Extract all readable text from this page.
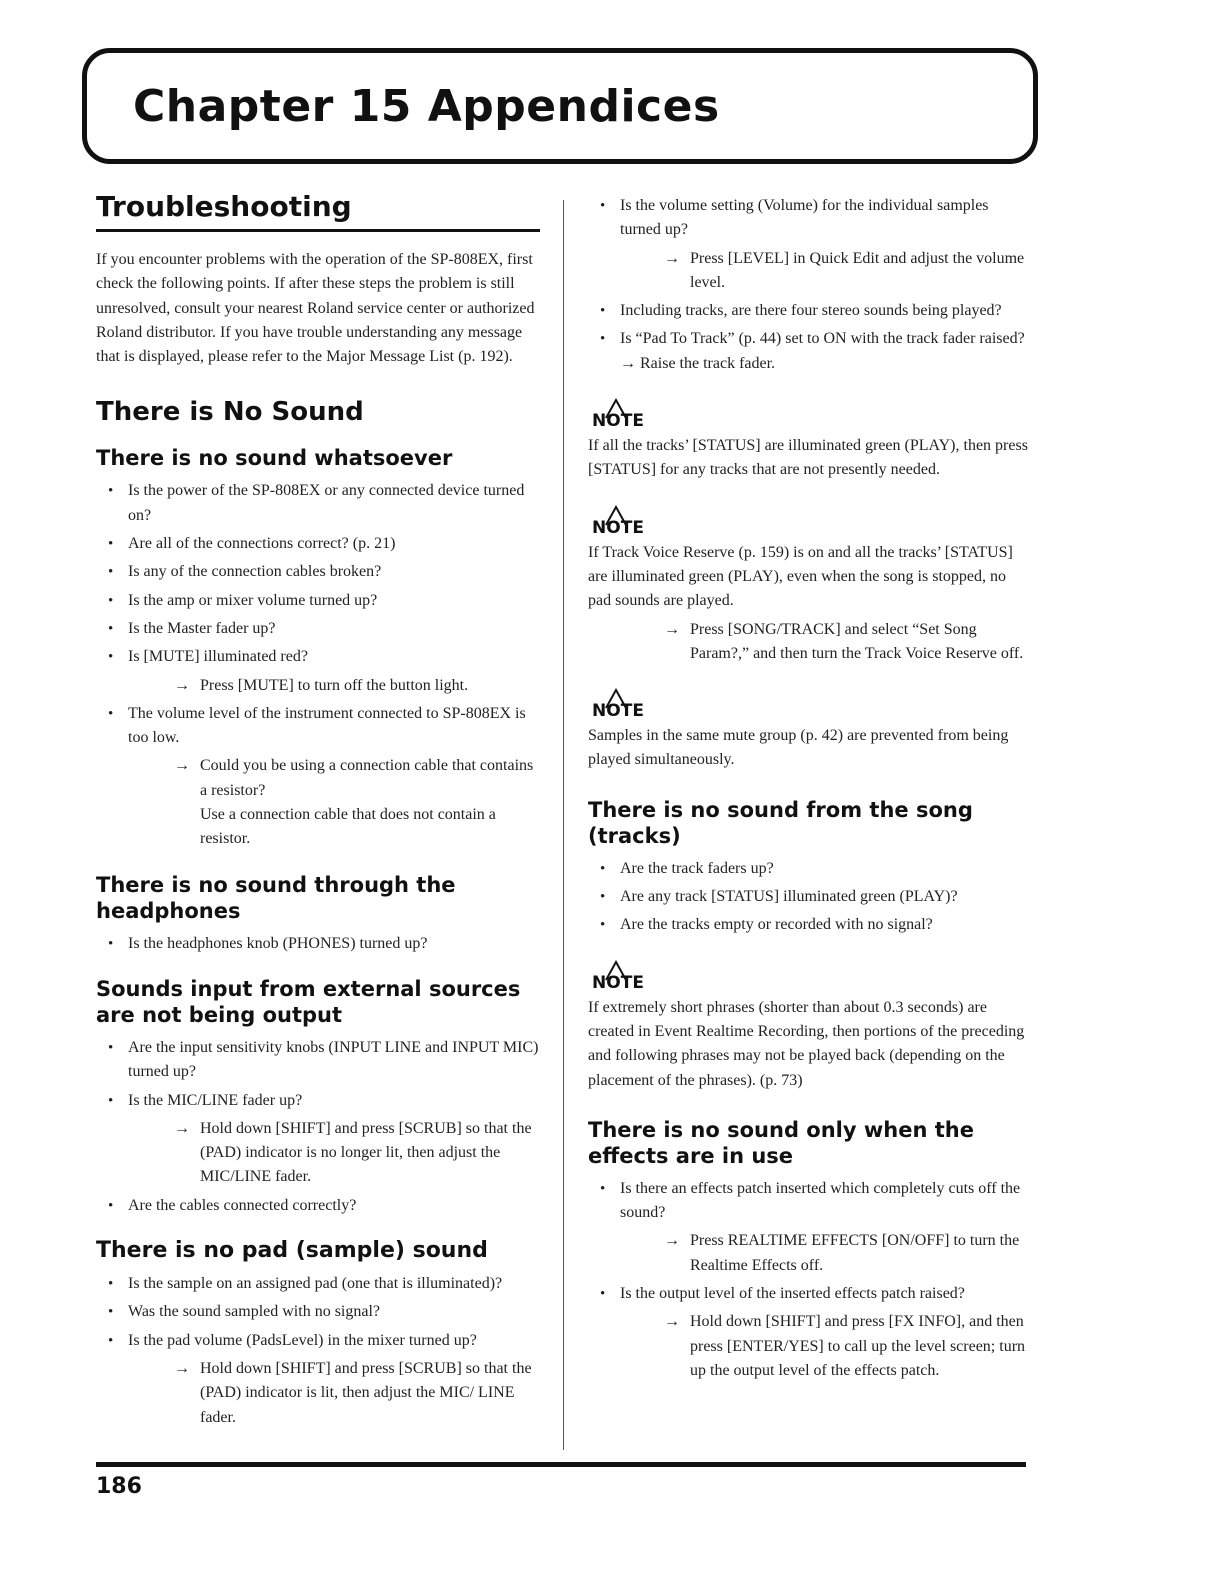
Chapter 15 Appendices
Troubleshooting

If you encounter problems with the operation of the SP-808EX, first check the following points. If after these steps the problem is still unresolved, consult your nearest Roland service center or authorized Roland distributor. If you have trouble understanding any message that is displayed, please refer to the Major Message List (p. 192).

There is No Sound
There is no sound whatsoever
• Is the power of the SP-808EX or any connected device turned on?
• Are all of the connections correct? (p. 21)
• Is any of the connection cables broken?
• Is the amp or mixer volume turned up?
• Is the Master fader up?
• Is [MUTE] illuminated red?
→ Press [MUTE] to turn off the button light.
• The volume level of the instrument connected to SP-808EX is too low.
→ Could you be using a connection cable that contains a resistor?
Use a connection cable that does not contain a resistor.
There is no sound through the headphones
• Is the headphones knob (PHONES) turned up?
Sounds input from external sources are not being output
• Are the input sensitivity knobs (INPUT LINE and INPUT MIC) turned up?
• Is the MIC/LINE fader up?
→ Hold down [SHIFT] and press [SCRUB] so that the (PAD) indicator is no longer lit, then adjust the MIC/LINE fader.
• Are the cables connected correctly?
There is no pad (sample) sound
• Is the sample on an assigned pad (one that is illuminated)?
• Was the sound sampled with no signal?
• Is the pad volume (PadsLevel) in the mixer turned up?
→ Hold down [SHIFT] and press [SCRUB] so that the (PAD) indicator is lit, then adjust the MIC/ LINE fader.
• Is the volume setting (Volume) for the individual samples turned up?
→ Press [LEVEL] in Quick Edit and adjust the volume level.
• Including tracks, are there four stereo sounds being played?
• Is “Pad To Track” (p. 44) set to ON with the track fader raised? → Raise the track fader.
NOTE

If all the tracks’ [STATUS] are illuminated green (PLAY), then press [STATUS] for any tracks that are not presently needed.

NOTE

If Track Voice Reserve (p. 159) is on and all the tracks’ [STATUS] are illuminated green (PLAY), even when the song is stopped, no pad sounds are played.

→ Press [SONG/TRACK] and select “Set Song Param?,” and then turn the Track Voice Reserve off.
NOTE

Samples in the same mute group (p. 42) are prevented from being played simultaneously.

There is no sound from the song (tracks)
• Are the track faders up?
• Are any track [STATUS] illuminated green (PLAY)?
• Are the tracks empty or recorded with no signal?
NOTE

If extremely short phrases (shorter than about 0.3 seconds) are created in Event Realtime Recording, then portions of the preceding and following phrases may not be played back (depending on the placement of the phrases). (p. 73)

There is no sound only when the effects are in use
• Is there an effects patch inserted which completely cuts off the sound?
→ Press REALTIME EFFECTS [ON/OFF] to turn the Realtime Effects off.
• Is the output level of the inserted effects patch raised?
→ Hold down [SHIFT] and press [FX INFO], and then press [ENTER/YES] to call up the level screen; turn up the output level of the effects patch.
186
